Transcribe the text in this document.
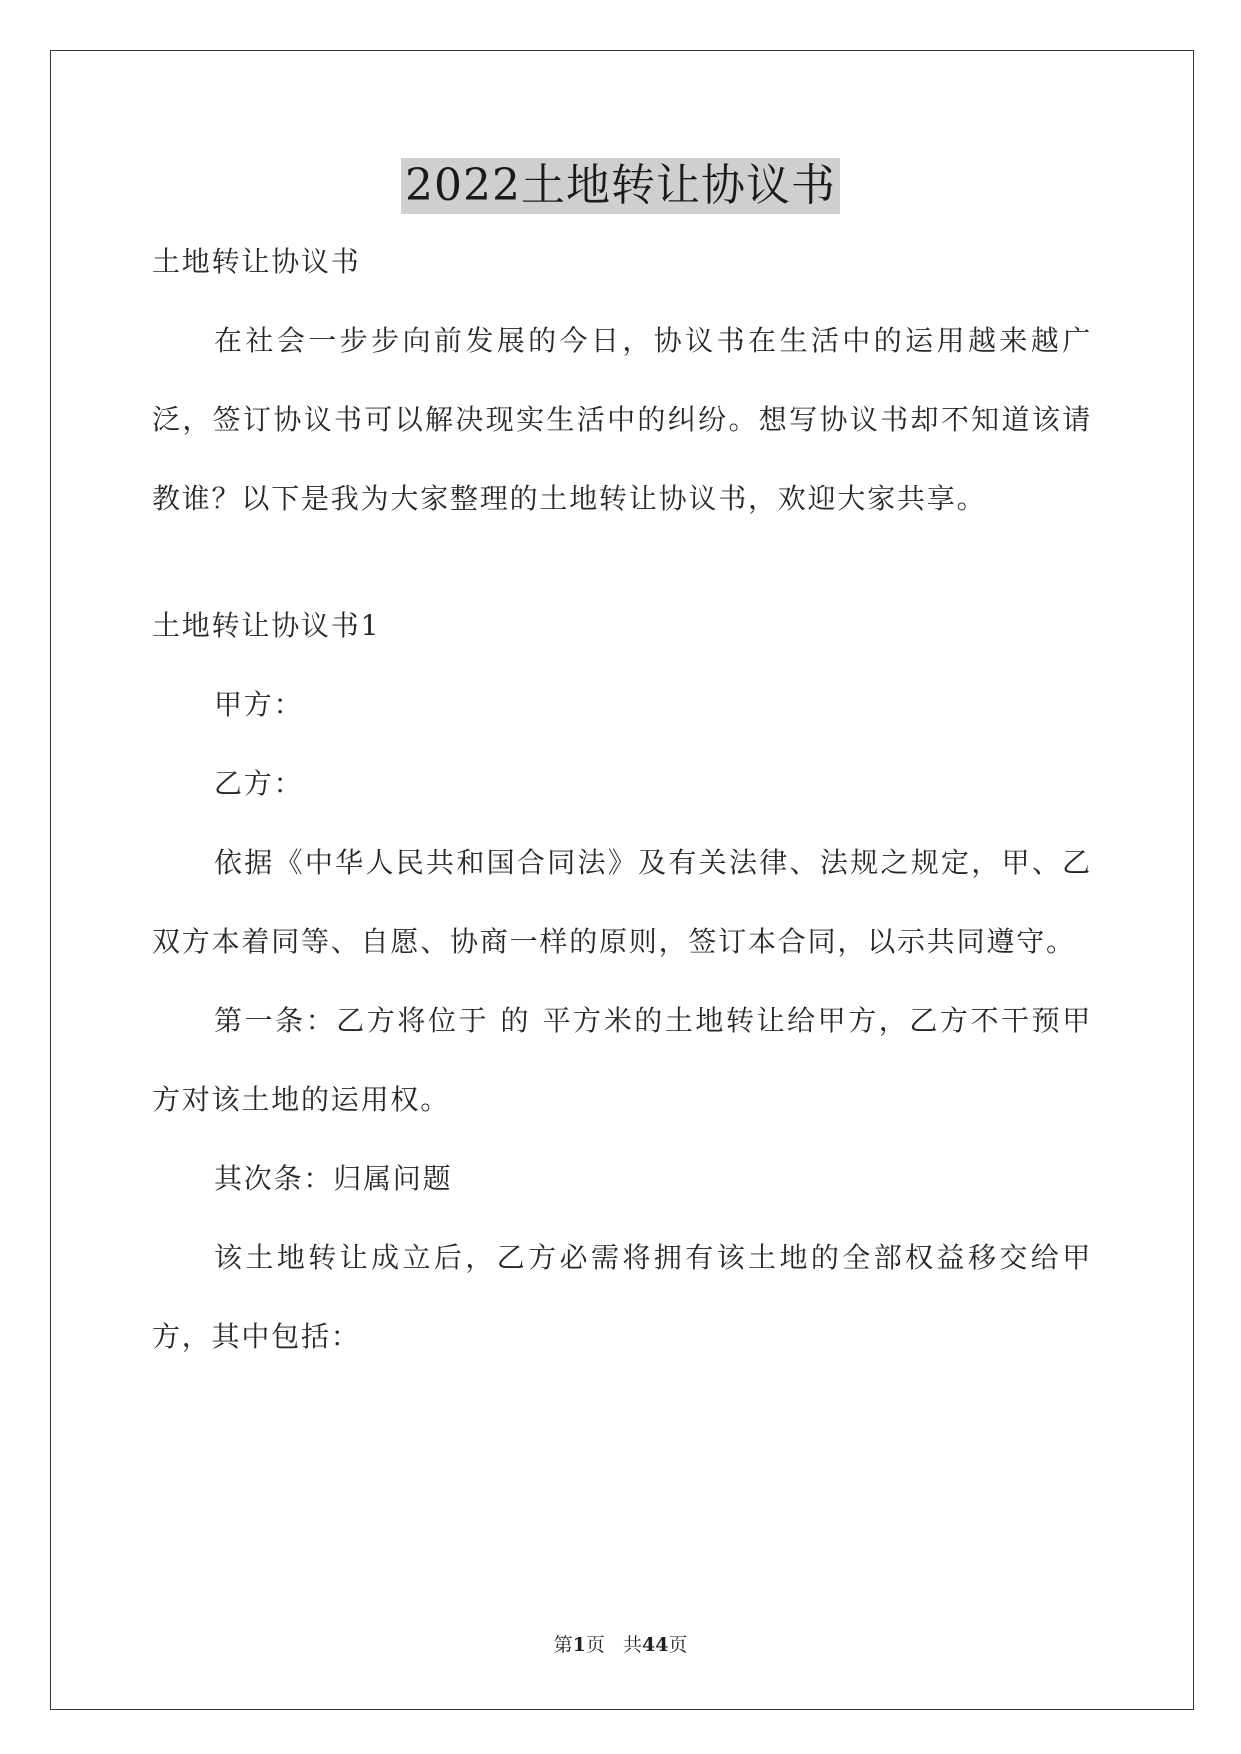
2022土地转让协议书

土地转让协议书

在社会一步步向前发展的今日，协议书在生活中的运用越来越广泛，签订协议书可以解决现实生活中的纠纷。想写协议书却不知道该请教谁？以下是我为大家整理的土地转让协议书，欢迎大家共享。

土地转让协议书1

甲方：

乙方：

依据《中华人民共和国合同法》及有关法律、法规之规定，甲、乙双方本着同等、自愿、协商一样的原则，签订本合同，以示共同遵守。

第一条：乙方将位于 的 平方米的土地转让给甲方，乙方不干预甲方对该土地的运用权。

其次条：归属问题

该土地转让成立后，乙方必需将拥有该土地的全部权益移交给甲方，其中包括：

第1页 共44页
